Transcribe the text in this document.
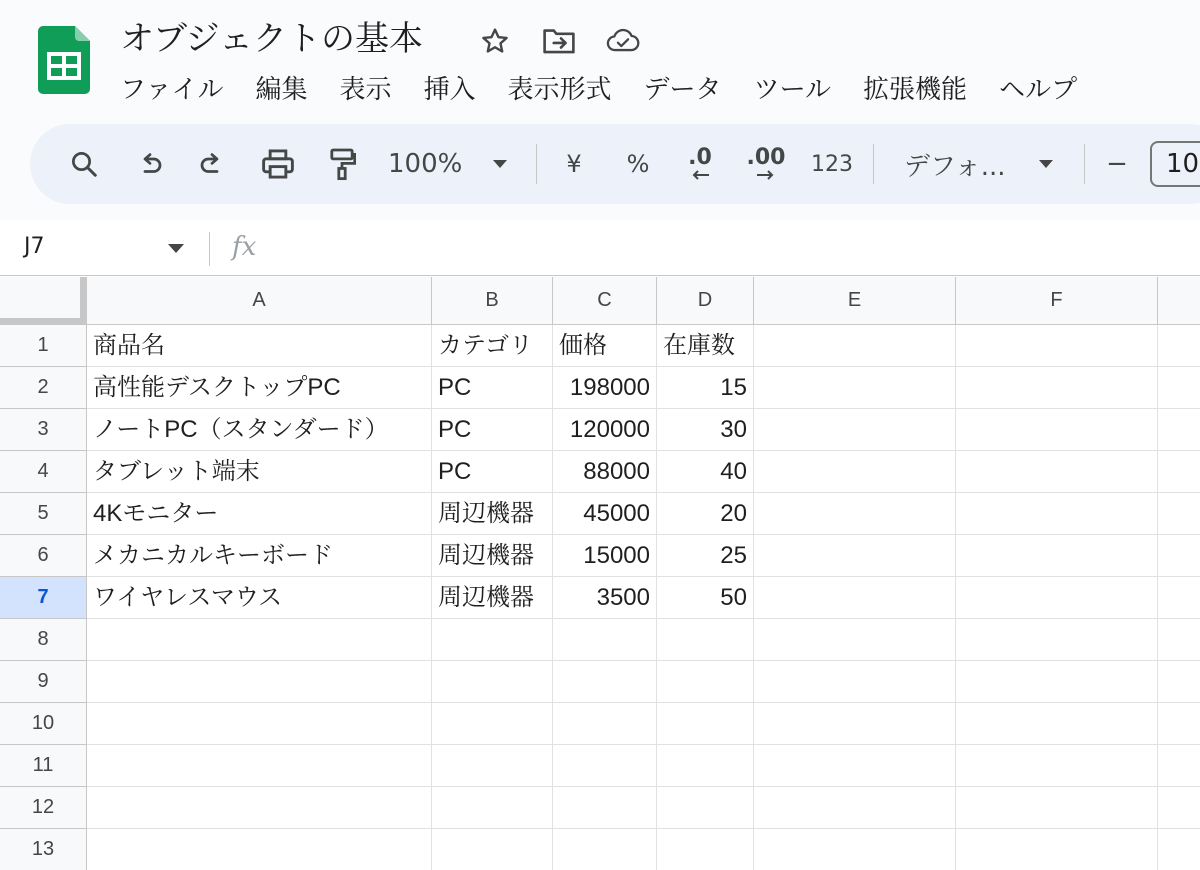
オブジェクトの基本
ファイル 編集 表示 挿入 表示形式 データ ツール 拡張機能 ヘルプ
100%	¥ % .0 .00 123 デフォ...	−	10
J7	fx
A	B	C	D	E	F
1	商品名	カテゴリ	価格	在庫数
2	高性能デスクトップPC	PC	198000	15
3	ノートPC（スタンダード）	PC	120000	30
4	タブレット端末	PC	88000	40
5	4Kモニター	周辺機器	45000	20
6	メカニカルキーボード	周辺機器	15000	25
7	ワイヤレスマウス	周辺機器	3500	50
8
9
10
11
12
13
